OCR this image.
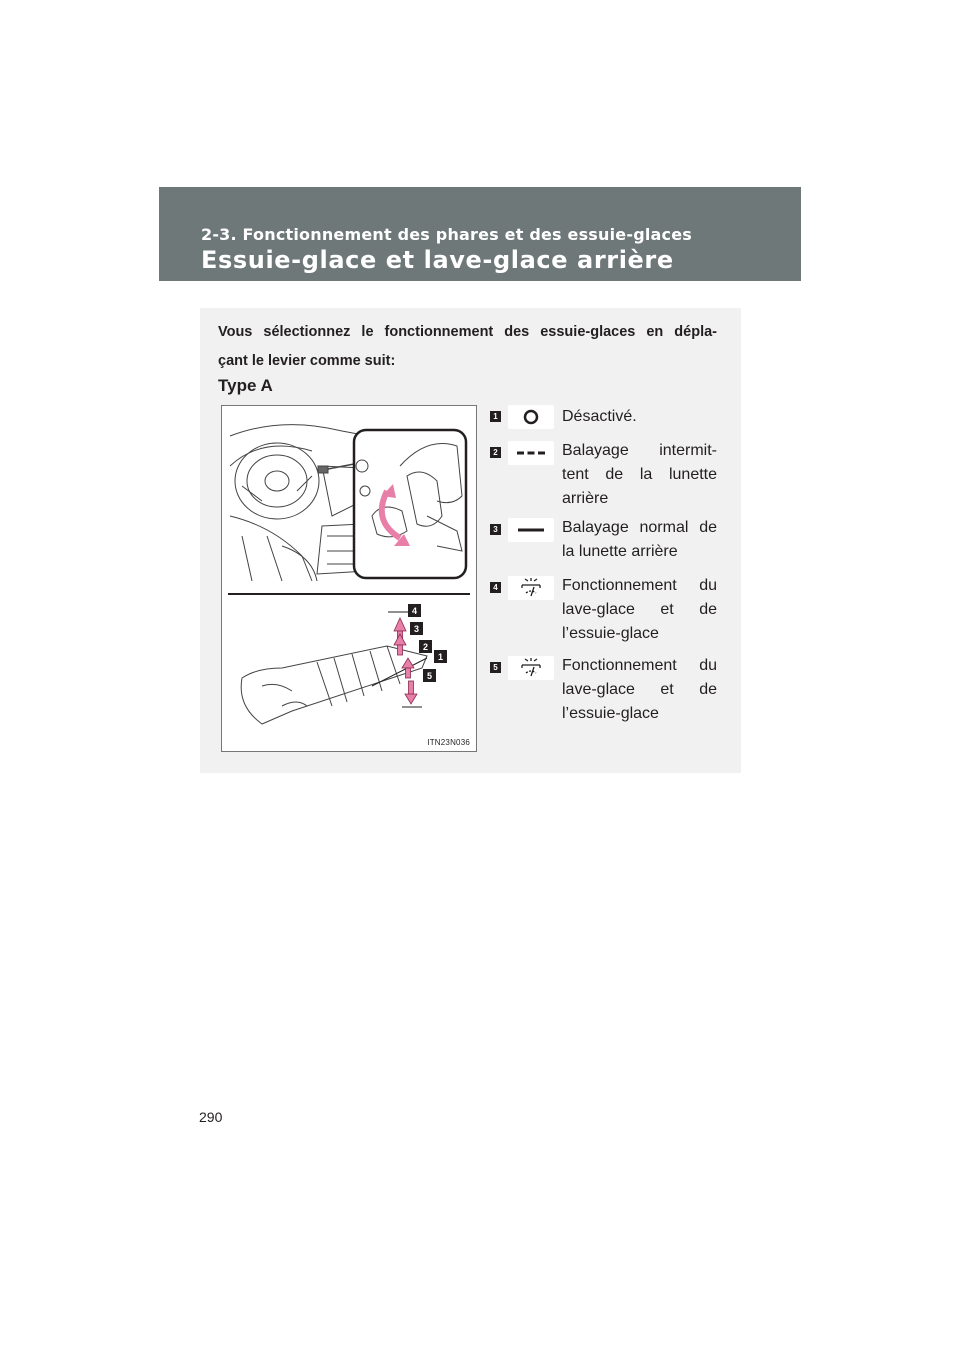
2-3. Fonctionnement des phares et des essuie-glaces
Essuie-glace et lave-glace arrière
Vous sélectionnez le fonctionnement des essuie-glaces en dépla-
çant le levier comme suit:
Type A
4
3
2
1
5
ITN23N036
1	Désactivé.
2	Balayage intermit-
tent de la lunette
arrière
3	Balayage normal de
la lunette arrière
4	Fonctionnement du
lave-glace et de
l’essuie-glace
5	Fonctionnement du
lave-glace et de
l’essuie-glace
290
